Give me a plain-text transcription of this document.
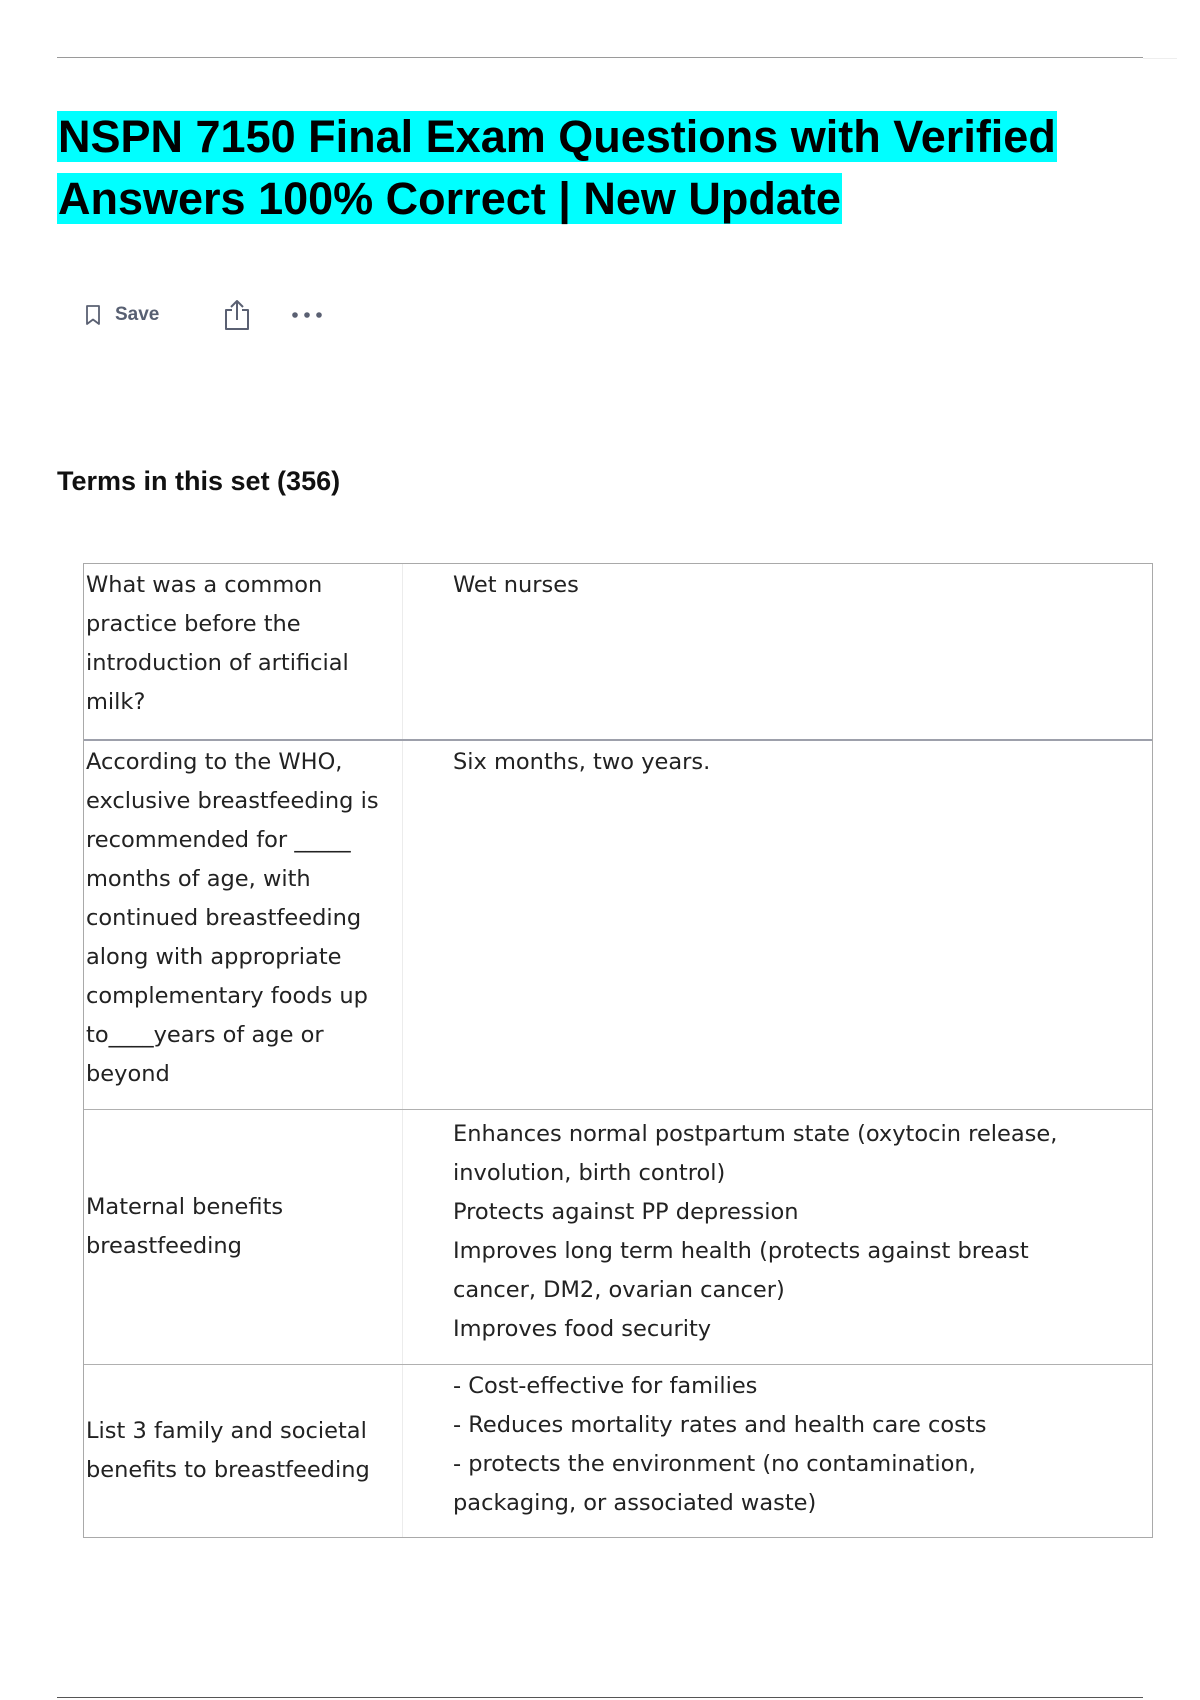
NSPN 7150 Final Exam Questions with Verified
Answers 100% Correct | New Update
Save
Terms in this set (356)
What was a common
practice before the
introduction of artificial
milk?
Wet nurses
According to the WHO,
exclusive breastfeeding is
recommended for _____
months of age, with
continued breastfeeding
along with appropriate
complementary foods up
to____years of age or
beyond
Six months, two years.
Maternal benefits
breastfeeding
Enhances normal postpartum state (oxytocin release,
involution, birth control)
Protects against PP depression
Improves long term health (protects against breast
cancer, DM2, ovarian cancer)
Improves food security
List 3 family and societal
benefits to breastfeeding
- Cost-effective for families
- Reduces mortality rates and health care costs
- protects the environment (no contamination,
packaging, or associated waste)
